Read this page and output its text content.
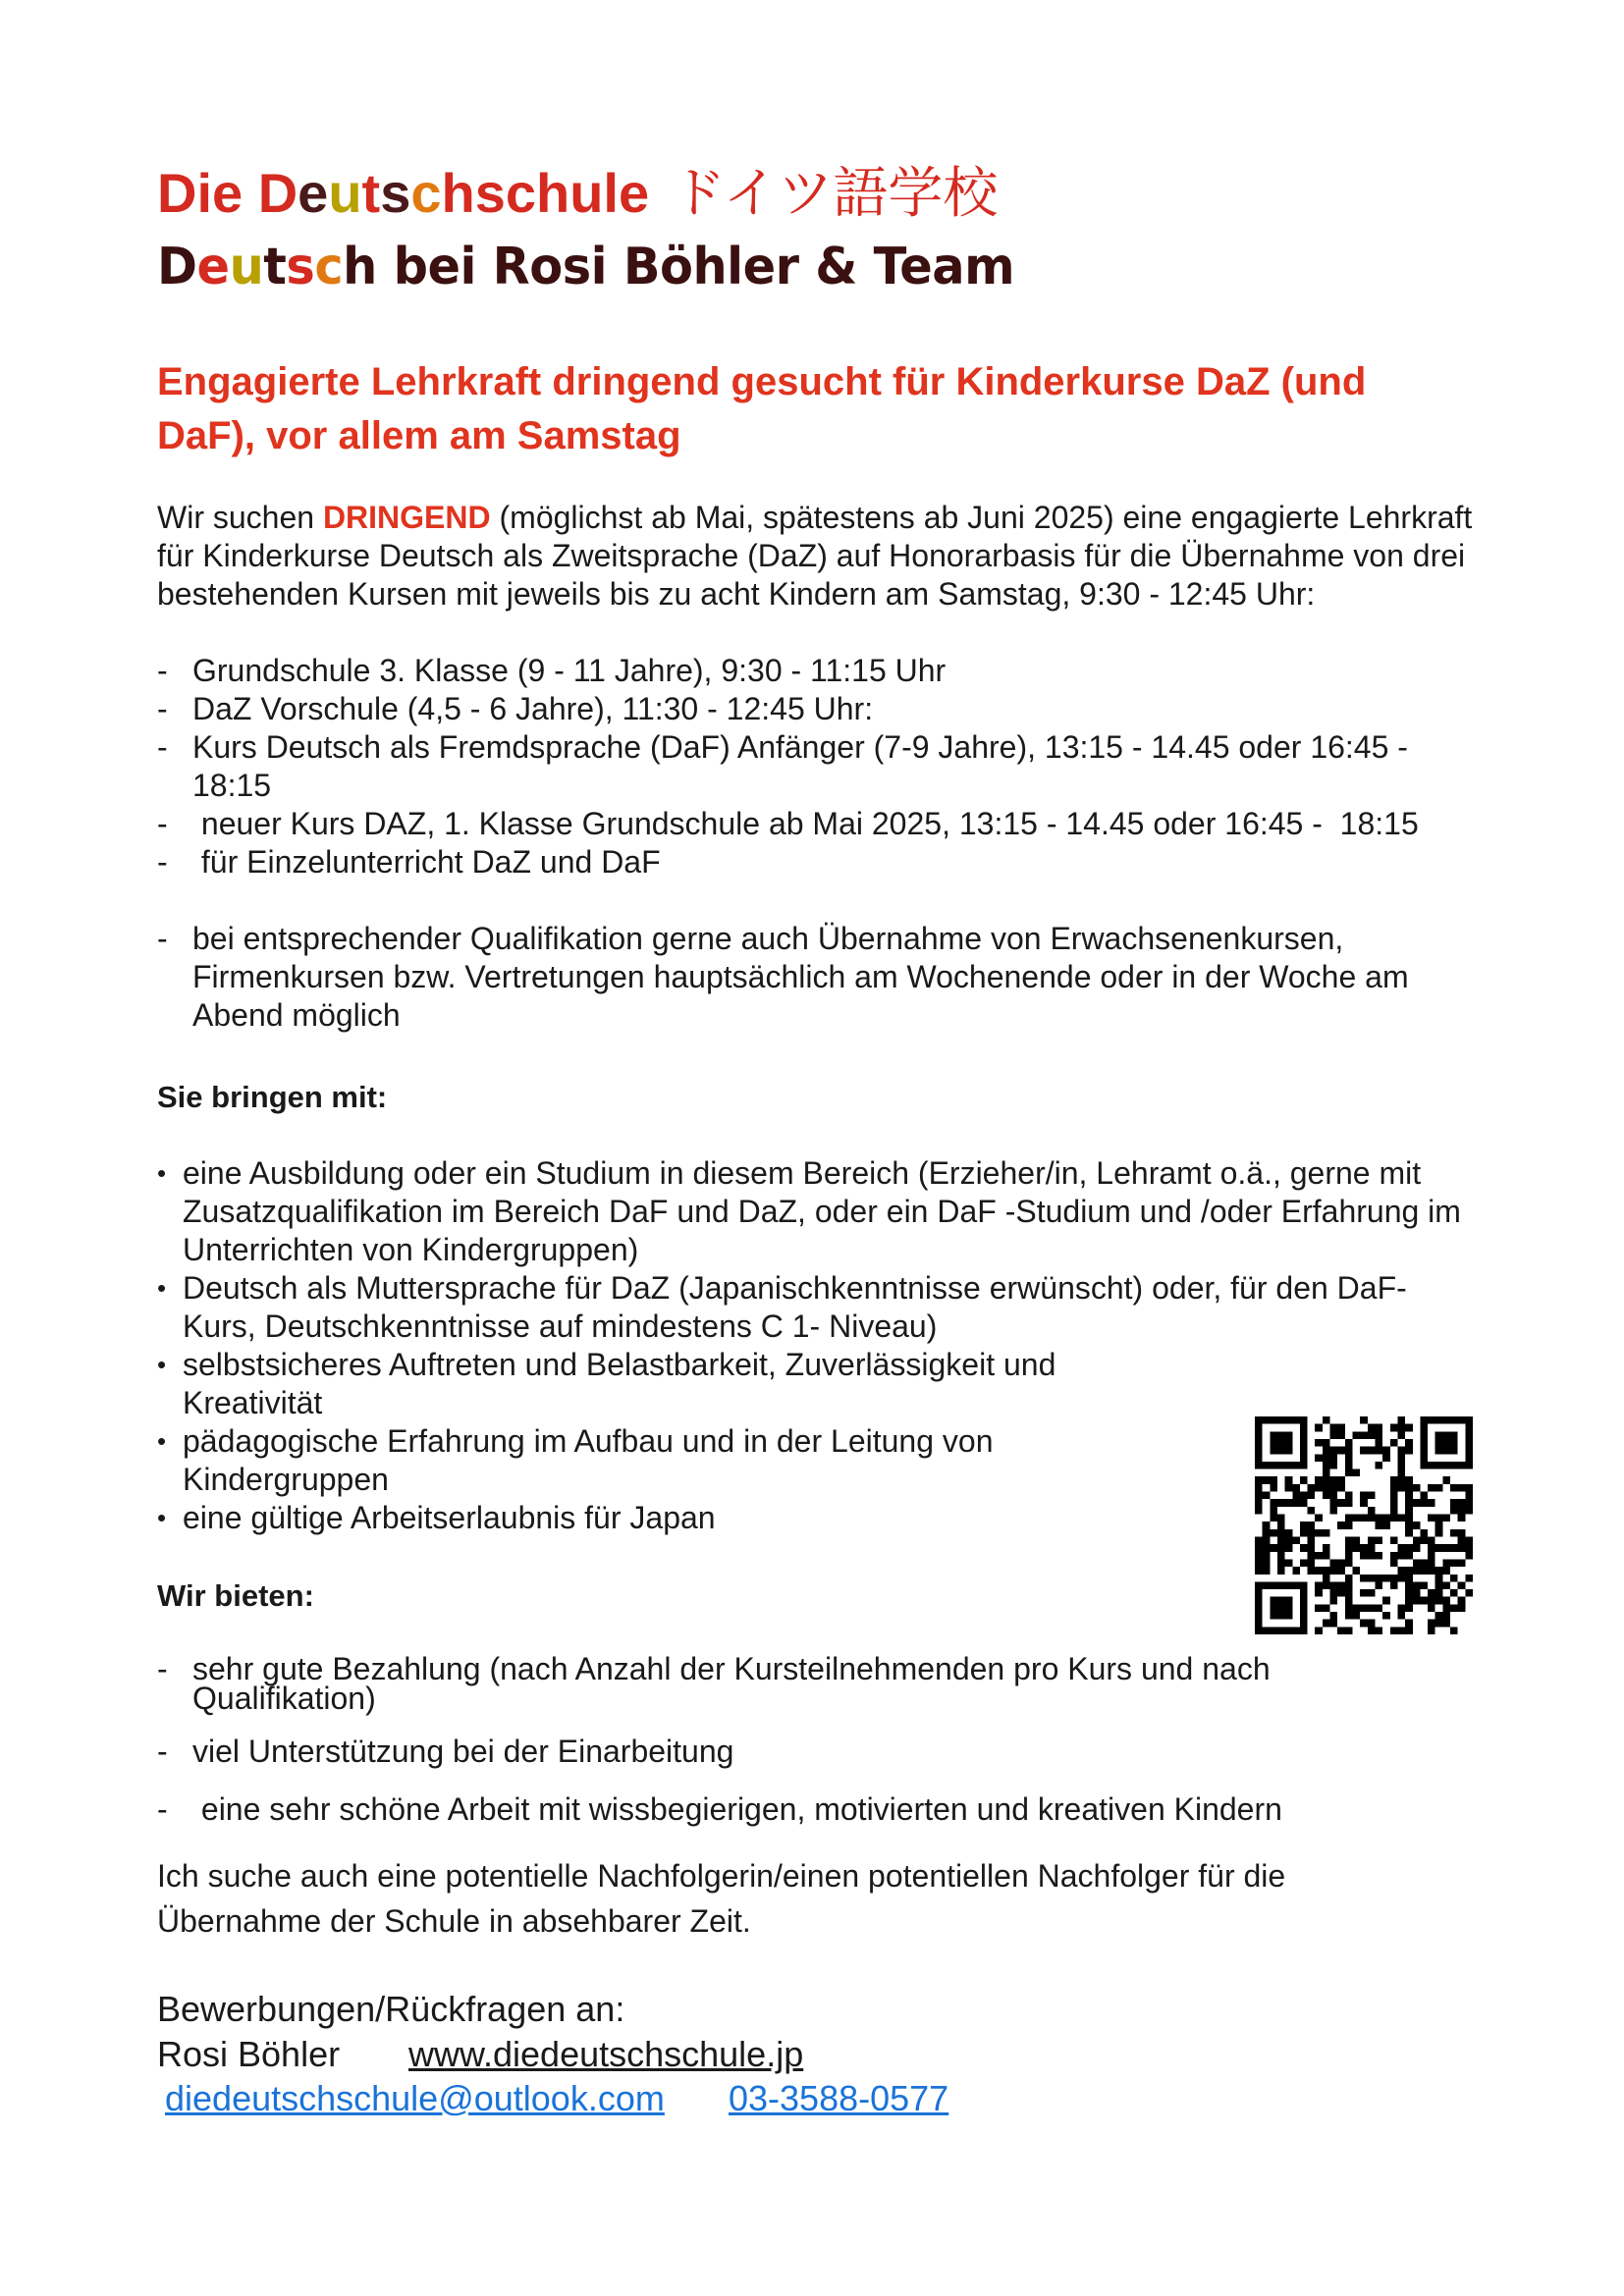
Die Deutschschule ドイツ語学校
Deutsch bei Rosi Böhler & Team
Engagierte Lehrkraft dringend gesucht für Kinderkurse DaZ (und DaF), vor allem am Samstag
Wir suchen DRINGEND (möglichst ab Mai, spätestens ab Juni 2025) eine engagierte Lehrkraft für Kinderkurse Deutsch als Zweitsprache (DaZ) auf Honorarbasis für die Übernahme von drei bestehenden Kursen mit jeweils bis zu acht Kindern am Samstag, 9:30 - 12:45 Uhr:
- Grundschule 3. Klasse (9 - 11 Jahre), 9:30 - 11:15 Uhr
- DaZ Vorschule (4,5 - 6 Jahre), 11:30 - 12:45 Uhr:
- Kurs Deutsch als Fremdsprache (DaF) Anfänger (7-9 Jahre), 13:15 - 14.45 oder 16:45 - 18:15
- neuer Kurs DAZ, 1. Klasse Grundschule ab Mai 2025, 13:15 - 14.45 oder 16:45 -  18:15
- für Einzelunterricht DaZ und DaF
- bei entsprechender Qualifikation gerne auch Übernahme von Erwachsenenkursen, Firmenkursen bzw. Vertretungen hauptsächlich am Wochenende oder in der Woche am Abend möglich
Sie bringen mit:
• eine Ausbildung oder ein Studium in diesem Bereich (Erzieher/in, Lehramt o.ä., gerne mit Zusatzqualifikation im Bereich DaF und DaZ, oder ein DaF -Studium und /oder Erfahrung im Unterrichten von Kindergruppen)
• Deutsch als Muttersprache für DaZ (Japanischkenntnisse erwünscht) oder, für den DaF-Kurs, Deutschkenntnisse auf mindestens C 1- Niveau)
• selbstsicheres Auftreten und Belastbarkeit, Zuverlässigkeit und Kreativität
• pädagogische Erfahrung im Aufbau und in der Leitung von Kindergruppen
• eine gültige Arbeitserlaubnis für Japan
Wir bieten:
- sehr gute Bezahlung (nach Anzahl der Kursteilnehmenden pro Kurs und nach Qualifikation)
- viel Unterstützung bei der Einarbeitung
- eine sehr schöne Arbeit mit wissbegierigen, motivierten und kreativen Kindern
Ich suche auch eine potentielle Nachfolgerin/einen potentiellen Nachfolger für die Übernahme der Schule in absehbarer Zeit.
Bewerbungen/Rückfragen an:
Rosi Böhler www.diedeutschschule.jp
diedeutschschule@outlook.com 03-3588-0577
